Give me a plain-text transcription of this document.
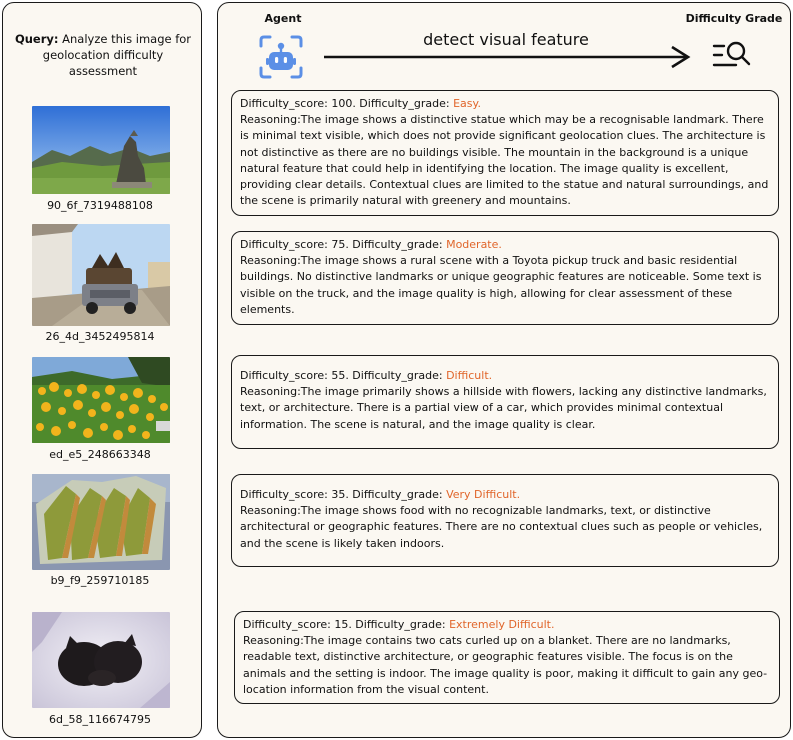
Query: Analyze this image for geolocation difficulty assessment
90_6f_7319488108
26_4d_3452495814
ed_e5_248663348
b9_f9_259710185
6d_58_116674795
Agent	Difficulty Grade
detect visual feature
Difficulty_score: 100. Difficulty_grade: Easy.
Reasoning:The image shows a distinctive statue which may be a recognisable landmark. There is minimal text visible, which does not provide significant geolocation clues. The architecture is not distinctive as there are no buildings visible. The mountain in the background is a unique natural feature that could help in identifying the location. The image quality is excellent, providing clear details. Contextual clues are limited to the statue and natural surroundings, and the scene is primarily natural with greenery and mountains.
Difficulty_score: 75. Difficulty_grade: Moderate.
Reasoning:The image shows a rural scene with a Toyota pickup truck and basic residential buildings. No distinctive landmarks or unique geographic features are noticeable. Some text is visible on the truck, and the image quality is high, allowing for clear assessment of these elements.
Difficulty_score: 55. Difficulty_grade: Difficult.
Reasoning:The image primarily shows a hillside with flowers, lacking any distinctive landmarks, text, or architecture. There is a partial view of a car, which provides minimal contextual information. The scene is natural, and the image quality is clear.
Difficulty_score: 35. Difficulty_grade: Very Difficult.
Reasoning:The image shows food with no recognizable landmarks, text, or distinctive architectural or geographic features. There are no contextual clues such as people or vehicles, and the scene is likely taken indoors.
Difficulty_score: 15. Difficulty_grade: Extremely Difficult.
Reasoning:The image contains two cats curled up on a blanket. There are no landmarks, readable text, distinctive architecture, or geographic features visible. The focus is on the animals and the setting is indoor. The image quality is poor, making it difficult to gain any geo-location information from the visual content.
